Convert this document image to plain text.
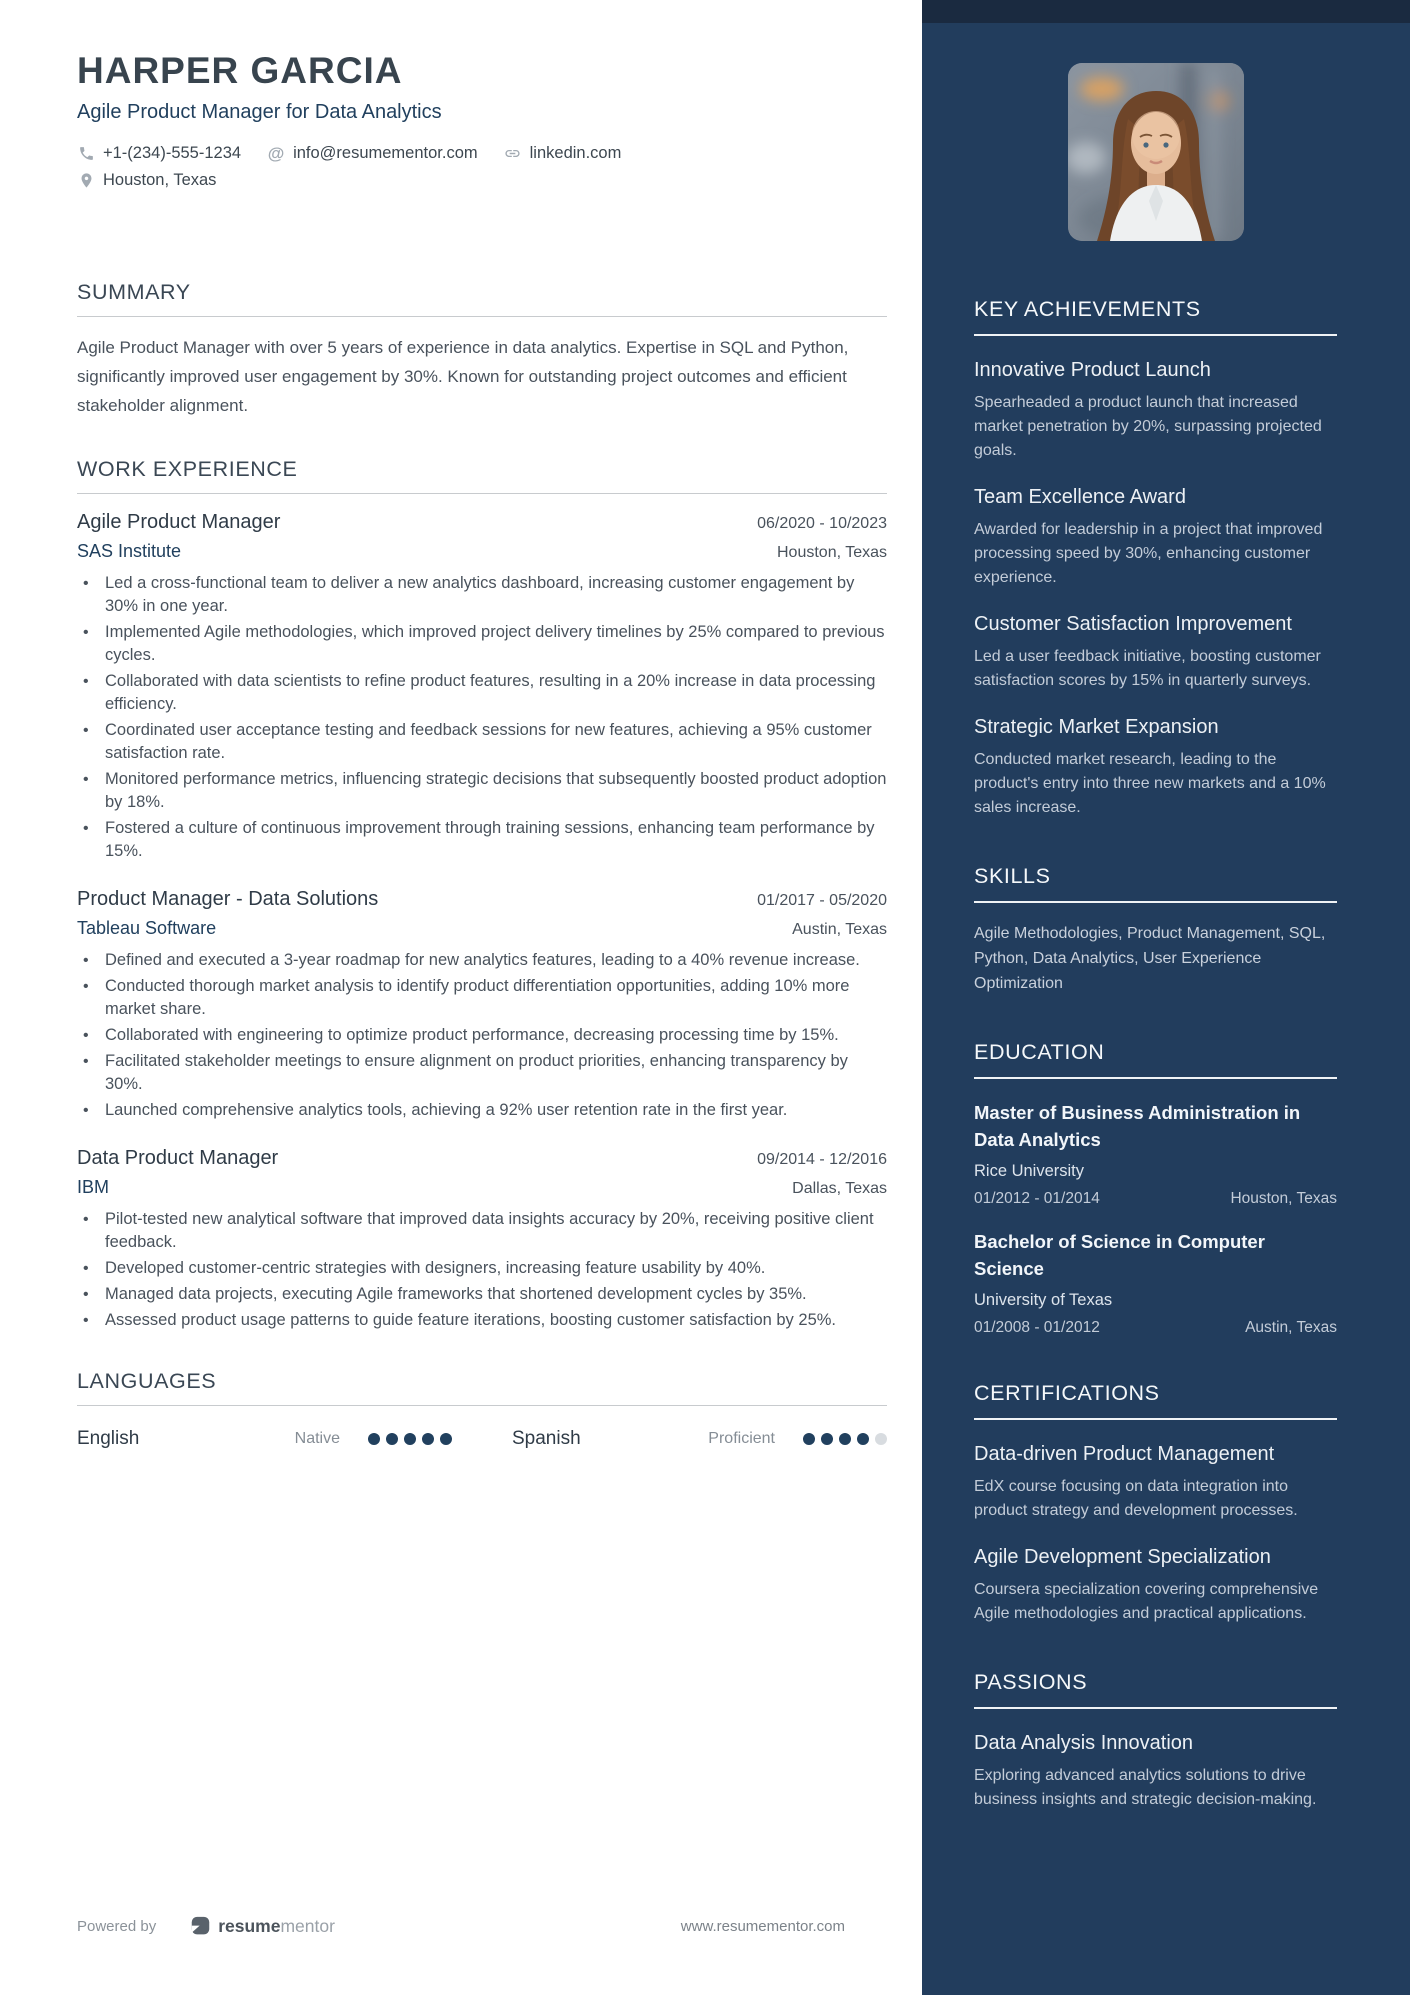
HARPER GARCIA
Agile Product Manager for Data Analytics
+1-(234)-555-1234 @ info@resumementor.com	linkedin.com
Houston, Texas
SUMMARY
Agile Product Manager with over 5 years of experience in data analytics. Expertise in SQL and Python, significantly improved user engagement by 30%. Known for outstanding project outcomes and efficient stakeholder alignment.
WORK EXPERIENCE
Agile Product Manager	06/2020 - 10/2023
SAS Institute	Houston, Texas
• Led a cross-functional team to deliver a new analytics dashboard, increasing customer engagement by 30% in one year.
• Implemented Agile methodologies, which improved project delivery timelines by 25% compared to previous cycles.
• Collaborated with data scientists to refine product features, resulting in a 20% increase in data processing efficiency.
• Coordinated user acceptance testing and feedback sessions for new features, achieving a 95% customer satisfaction rate.
• Monitored performance metrics, influencing strategic decisions that subsequently boosted product adoption by 18%.
• Fostered a culture of continuous improvement through training sessions, enhancing team performance by 15%.
Product Manager - Data Solutions	01/2017 - 05/2020
Tableau Software	Austin, Texas
• Defined and executed a 3-year roadmap for new analytics features, leading to a 40% revenue increase.
• Conducted thorough market analysis to identify product differentiation opportunities, adding 10% more market share.
• Collaborated with engineering to optimize product performance, decreasing processing time by 15%.
• Facilitated stakeholder meetings to ensure alignment on product priorities, enhancing transparency by 30%.
• Launched comprehensive analytics tools, achieving a 92% user retention rate in the first year.
Data Product Manager	09/2014 - 12/2016
IBM	Dallas, Texas
• Pilot-tested new analytical software that improved data insights accuracy by 20%, receiving positive client feedback.
• Developed customer-centric strategies with designers, increasing feature usability by 40%.
• Managed data projects, executing Agile frameworks that shortened development cycles by 35%.
• Assessed product usage patterns to guide feature iterations, boosting customer satisfaction by 25%.
LANGUAGES
English	Native	Spanish	Proficient
Powered by	resumementor	www.resumementor.com
KEY ACHIEVEMENTS
Innovative Product Launch
Spearheaded a product launch that increased market penetration by 20%, surpassing projected goals.
Team Excellence Award
Awarded for leadership in a project that improved processing speed by 30%, enhancing customer experience.
Customer Satisfaction Improvement
Led a user feedback initiative, boosting customer satisfaction scores by 15% in quarterly surveys.
Strategic Market Expansion
Conducted market research, leading to the product's entry into three new markets and a 10% sales increase.
SKILLS
Agile Methodologies, Product Management, SQL, Python, Data Analytics, User Experience Optimization
EDUCATION
Master of Business Administration in Data Analytics
Rice University
01/2012 - 01/2014	Houston, Texas
Bachelor of Science in Computer Science
University of Texas
01/2008 - 01/2012	Austin, Texas
CERTIFICATIONS
Data-driven Product Management
EdX course focusing on data integration into product strategy and development processes.
Agile Development Specialization
Coursera specialization covering comprehensive Agile methodologies and practical applications.
PASSIONS
Data Analysis Innovation
Exploring advanced analytics solutions to drive business insights and strategic decision-making.
